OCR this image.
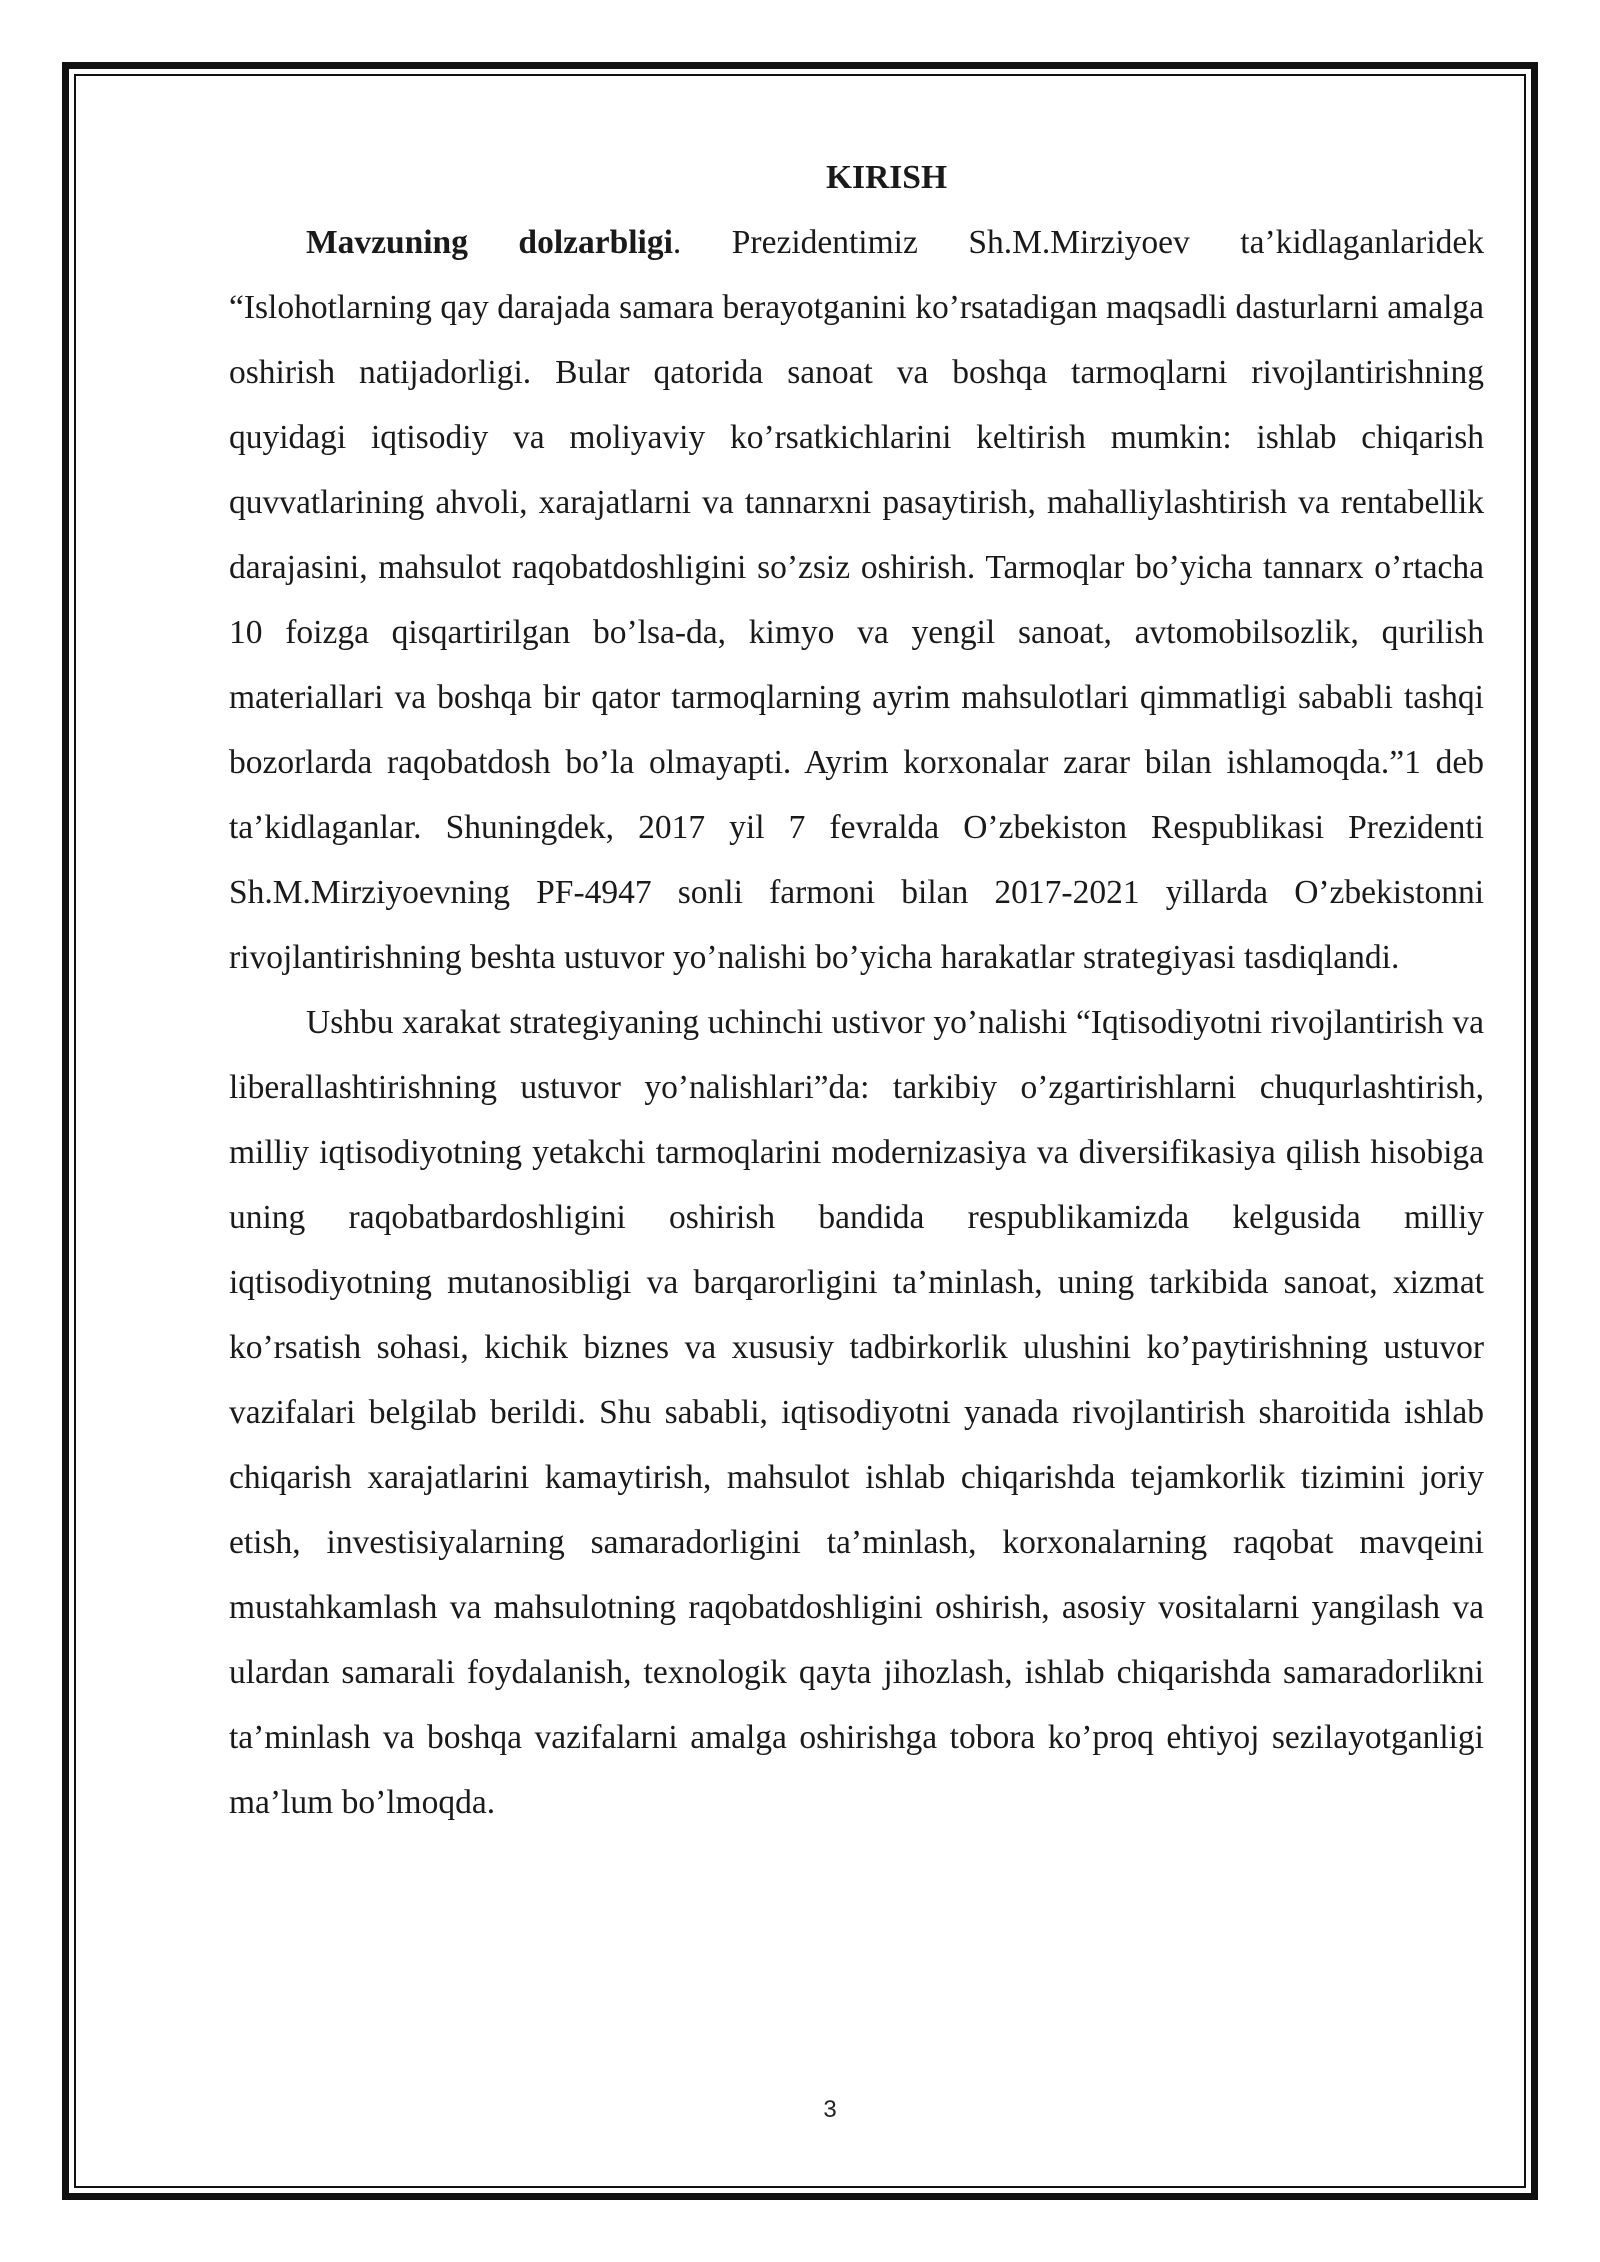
KIRISH

Mavzuning dolzarbligi. Prezidentimiz Sh.M.Mirziyoev ta’kidlaganlaridek “Islohotlarning qay darajada samara berayotganini ko’rsatadigan maqsadli dasturlarni amalga oshirish natijadorligi. Bular qatorida sanoat va boshqa tarmoqlarni rivojlantirishning quyidagi iqtisodiy va moliyaviy ko’rsatkichlarini keltirish mumkin: ishlab chiqarish quvvatlarining ahvoli, xarajatlarni va tannarxni pasaytirish, mahalliylashtirish va rentabellik darajasini, mahsulot raqobatdoshligini so’zsiz oshirish. Tarmoqlar bo’yicha tannarx o’rtacha 10 foizga qisqartirilgan bo’lsa-da, kimyo va yengil sanoat, avtomobilsozlik, qurilish materiallari va boshqa bir qator tarmoqlarning ayrim mahsulotlari qimmatligi sababli tashqi bozorlarda raqobatdosh bo’la olmayapti. Ayrim korxonalar zarar bilan ishlamoqda.”1 deb ta’kidlaganlar. Shuningdek, 2017 yil 7 fevralda O’zbekiston Respublikasi Prezidenti Sh.M.Mirziyoevning PF-4947 sonli farmoni bilan 2017-2021 yillarda O’zbekistonni rivojlantirishning beshta ustuvor yo’nalishi bo’yicha harakatlar strategiyasi tasdiqlandi.

Ushbu xarakat strategiyaning uchinchi ustivor yo’nalishi “Iqtisodiyotni rivojlantirish va liberallashtirishning ustuvor yo’nalishlari”da: tarkibiy o’zgartirishlarni chuqurlashtirish, milliy iqtisodiyotning yetakchi tarmoqlarini modernizasiya va diversifikasiya qilish hisobiga uning raqobatbardoshligini oshirish bandida respublikamizda kelgusida milliy iqtisodiyotning mutanosibligi va barqarorligini ta’minlash, uning tarkibida sanoat, xizmat ko’rsatish sohasi, kichik biznes va xususiy tadbirkorlik ulushini ko’paytirishning ustuvor vazifalari belgilab berildi. Shu sababli, iqtisodiyotni yanada rivojlantirish sharoitida ishlab chiqarish xarajatlarini kamaytirish, mahsulot ishlab chiqarishda tejamkorlik tizimini joriy etish, investisiyalarning samaradorligini ta’minlash, korxonalarning raqobat mavqeini mustahkamlash va mahsulotning raqobatdoshligini oshirish, asosiy vositalarni yangilash va ulardan samarali foydalanish, texnologik qayta jihozlash, ishlab chiqarishda samaradorlikni ta’minlash va boshqa vazifalarni amalga oshirishga tobora ko’proq ehtiyoj sezilayotganligi ma’lum bo’lmoqda.

3
